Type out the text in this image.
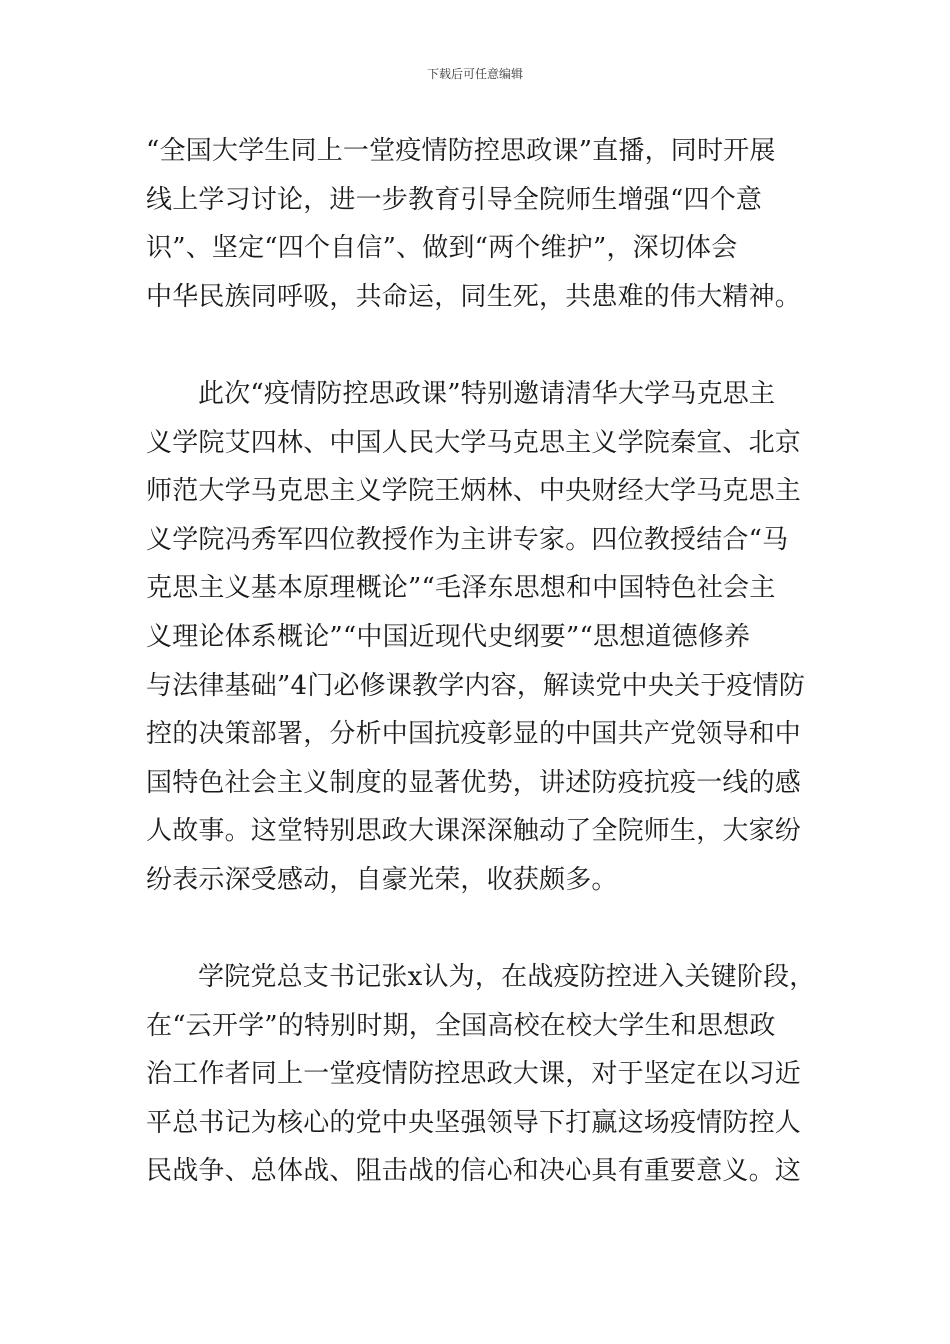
下载后可任意编辑

“全国大学生同上一堂疫情防控思政课”直播，同时开展
线上学习讨论，进一步教育引导全院师生增强“四个意
识”、坚定“四个自信”、做到“两个维护”，深切体会
中华民族同呼吸，共命运，同生死，共患难的伟大精神。

此次“疫情防控思政课”特别邀请清华大学马克思主
义学院艾四林、中国人民大学马克思主义学院秦宣、北京
师范大学马克思主义学院王炳林、中央财经大学马克思主
义学院冯秀军四位教授作为主讲专家。四位教授结合“马
克思主义基本原理概论”“毛泽东思想和中国特色社会主
义理论体系概论”“中国近现代史纲要”“思想道德修养
与法律基础”4门必修课教学内容，解读党中央关于疫情防
控的决策部署，分析中国抗疫彰显的中国共产党领导和中
国特色社会主义制度的显著优势，讲述防疫抗疫一线的感
人故事。这堂特别思政大课深深触动了全院师生，大家纷
纷表示深受感动，自豪光荣，收获颇多。

学院党总支书记张x认为，在战疫防控进入关键阶段，
在“云开学”的特别时期，全国高校在校大学生和思想政
治工作者同上一堂疫情防控思政大课，对于坚定在以习近
平总书记为核心的党中央坚强领导下打赢这场疫情防控人
民战争、总体战、阻击战的信心和决心具有重要意义。这
